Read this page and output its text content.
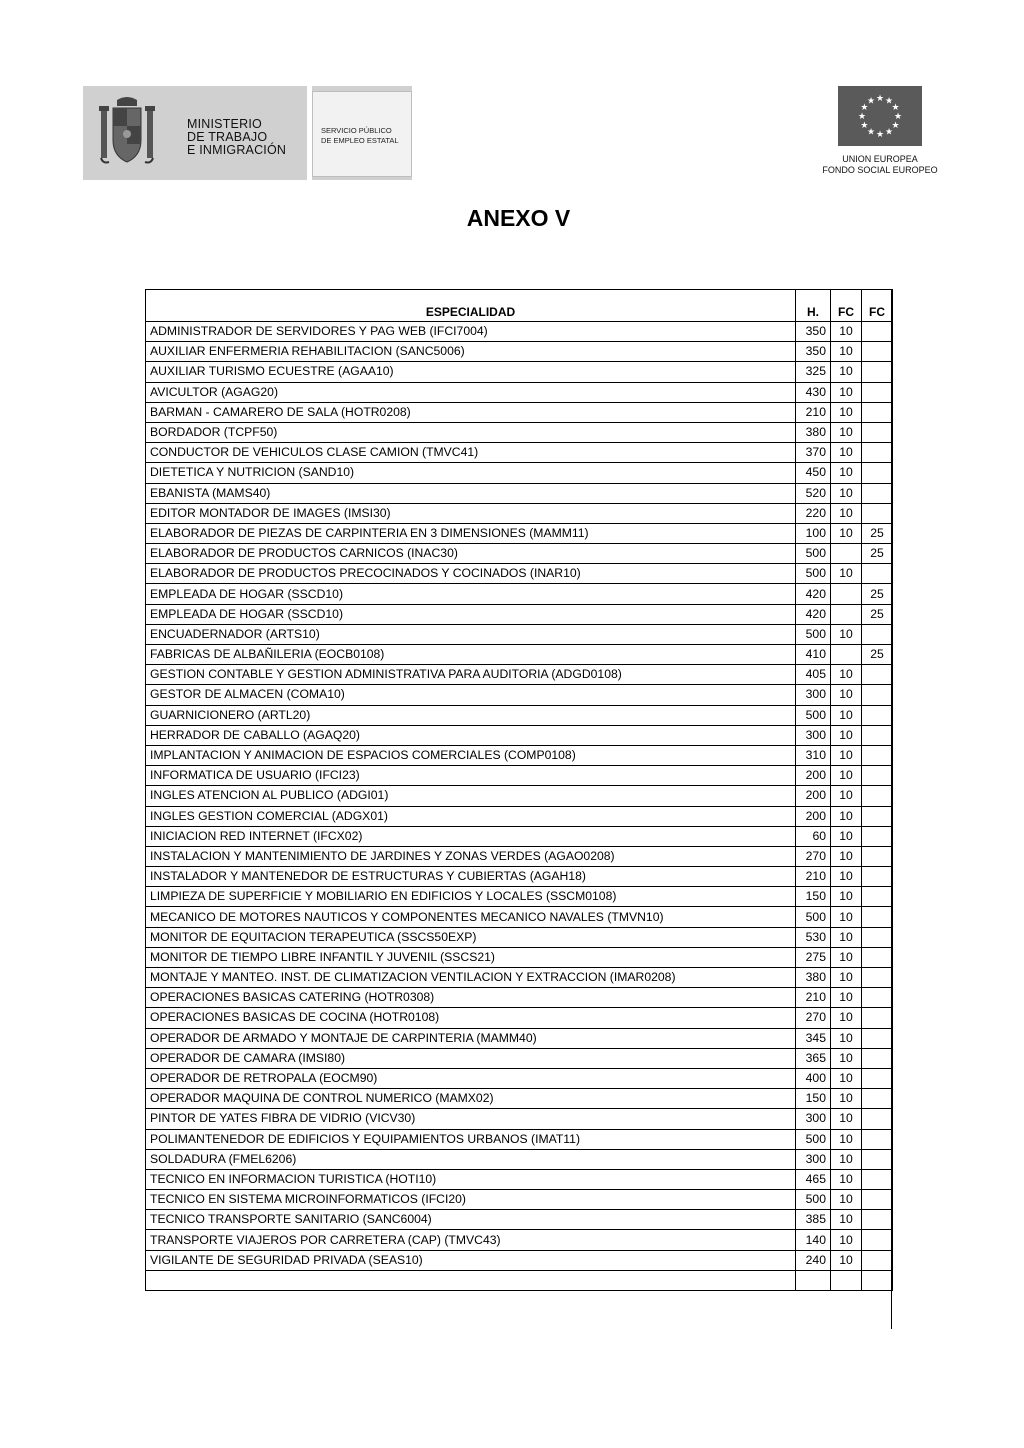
MINISTERIO
DE TRABAJO
E INMIGRACIÓN
SERVICIO PÚBLICO
DE EMPLEO ESTATAL
★ ★
★
★
★
★
★
★
★
★
★
★
UNION EUROPEA
FONDO SOCIAL EUROPEO
ANEXO V
ESPECIALIDAD	H.	FC	FC
ADMINISTRADOR DE SERVIDORES Y PAG WEB (IFCI7004)	350	10	
AUXILIAR ENFERMERIA REHABILITACION (SANC5006)	350	10	
AUXILIAR TURISMO ECUESTRE (AGAA10)	325	10	
AVICULTOR (AGAG20)	430	10	
BARMAN - CAMARERO DE SALA (HOTR0208)	210	10	
BORDADOR (TCPF50)	380	10	
CONDUCTOR DE VEHICULOS CLASE CAMION (TMVC41)	370	10	
DIETETICA Y NUTRICION (SAND10)	450	10	
EBANISTA (MAMS40)	520	10	
EDITOR MONTADOR DE IMAGES (IMSI30)	220	10	
ELABORADOR DE PIEZAS DE CARPINTERIA EN 3 DIMENSIONES (MAMM11)	100	10	25
ELABORADOR DE PRODUCTOS CARNICOS (INAC30)	500		25
ELABORADOR DE PRODUCTOS PRECOCINADOS Y COCINADOS (INAR10)	500	10	
EMPLEADA DE HOGAR (SSCD10)	420		25
EMPLEADA DE HOGAR (SSCD10)	420		25
ENCUADERNADOR (ARTS10)	500	10	
FABRICAS DE ALBAÑILERIA (EOCB0108)	410		25
GESTION CONTABLE Y GESTION ADMINISTRATIVA PARA AUDITORIA (ADGD0108)	405	10	
GESTOR DE ALMACEN (COMA10)	300	10	
GUARNICIONERO (ARTL20)	500	10	
HERRADOR DE CABALLO (AGAQ20)	300	10	
IMPLANTACION Y ANIMACION DE ESPACIOS COMERCIALES (COMP0108)	310	10	
INFORMATICA DE USUARIO (IFCI23)	200	10	
INGLES ATENCION AL PUBLICO (ADGI01)	200	10	
INGLES GESTION COMERCIAL (ADGX01)	200	10	
INICIACION RED INTERNET (IFCX02)	60	10	
INSTALACION Y MANTENIMIENTO DE JARDINES Y ZONAS VERDES (AGAO0208)	270	10	
INSTALADOR Y MANTENEDOR DE ESTRUCTURAS Y CUBIERTAS (AGAH18)	210	10	
LIMPIEZA DE SUPERFICIE Y MOBILIARIO EN EDIFICIOS Y LOCALES (SSCM0108)	150	10	
MECANICO DE MOTORES NAUTICOS Y COMPONENTES MECANICO NAVALES (TMVN10)	500	10	
MONITOR DE EQUITACION TERAPEUTICA (SSCS50EXP)	530	10	
MONITOR DE TIEMPO LIBRE INFANTIL Y JUVENIL (SSCS21)	275	10	
MONTAJE Y MANTEO. INST. DE CLIMATIZACION VENTILACION Y EXTRACCION (IMAR0208)	380	10	
OPERACIONES BASICAS CATERING (HOTR0308)	210	10	
OPERACIONES BASICAS DE COCINA (HOTR0108)	270	10	
OPERADOR DE ARMADO Y MONTAJE DE CARPINTERIA (MAMM40)	345	10	
OPERADOR DE CAMARA (IMSI80)	365	10	
OPERADOR DE RETROPALA (EOCM90)	400	10	
OPERADOR MAQUINA DE CONTROL NUMERICO (MAMX02)	150	10	
PINTOR DE YATES FIBRA DE VIDRIO (VICV30)	300	10	
POLIMANTENEDOR DE EDIFICIOS Y EQUIPAMIENTOS URBANOS (IMAT11)	500	10	
SOLDADURA (FMEL6206)	300	10	
TECNICO EN INFORMACION TURISTICA (HOTI10)	465	10	
TECNICO EN SISTEMA MICROINFORMATICOS (IFCI20)	500	10	
TECNICO TRANSPORTE SANITARIO (SANC6004)	385	10	
TRANSPORTE VIAJEROS POR CARRETERA (CAP) (TMVC43)	140	10	
VIGILANTE DE SEGURIDAD PRIVADA (SEAS10)	240	10	
